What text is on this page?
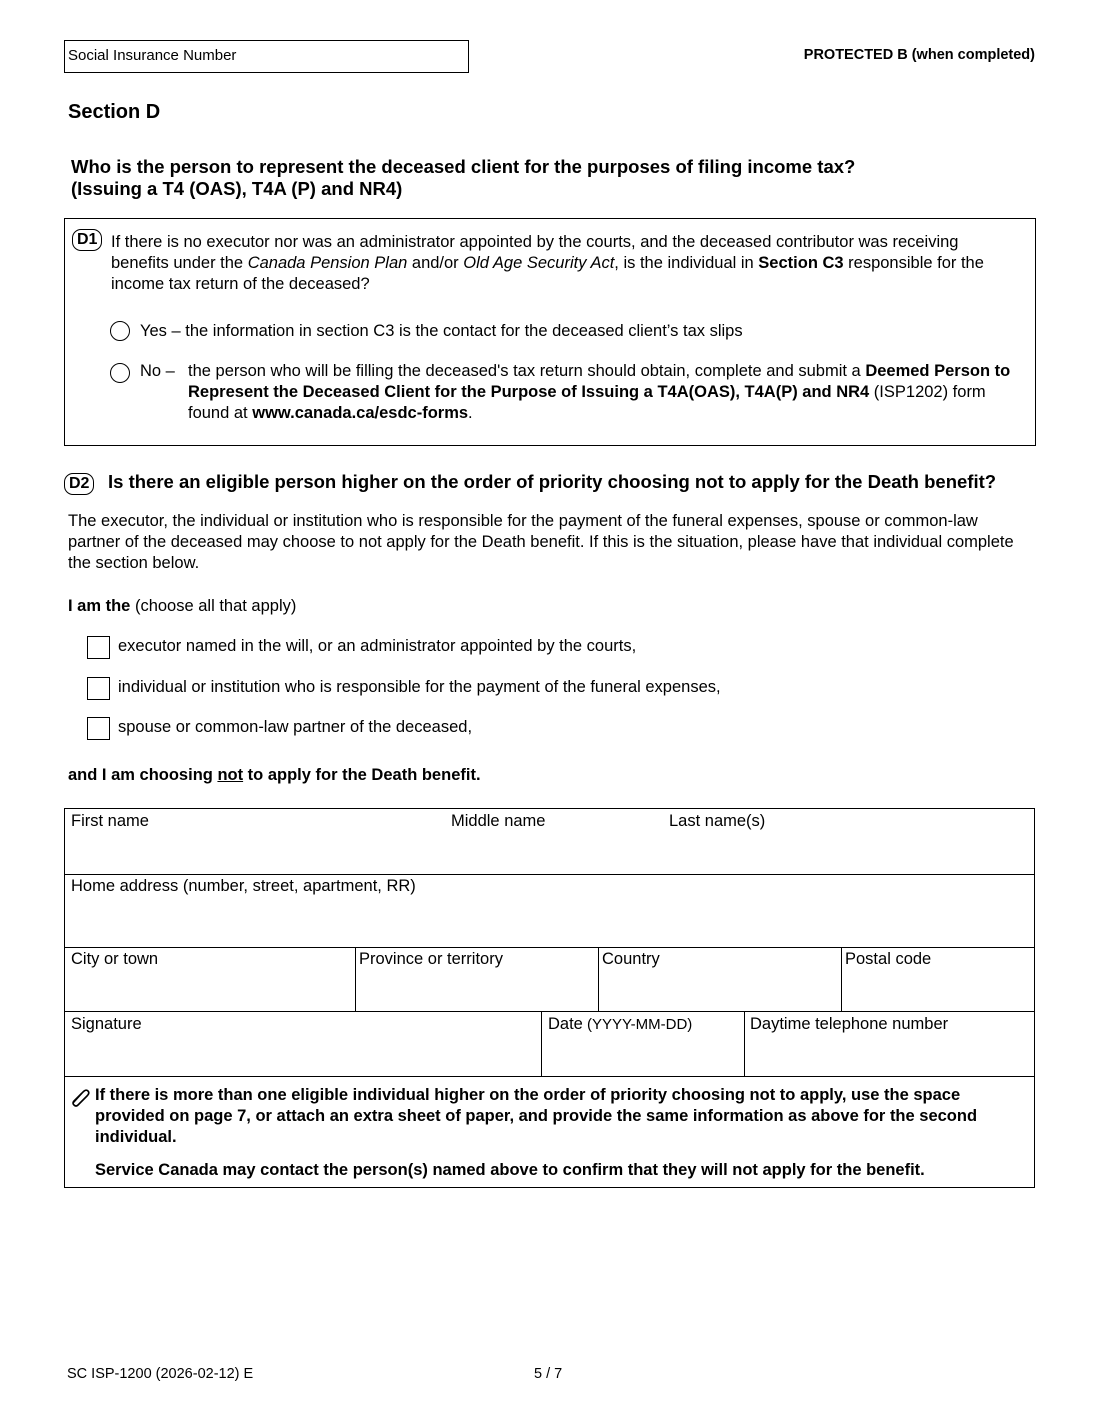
Social Insurance Number	PROTECTED B (when completed)
Section D
Who is the person to represent the deceased client for the purposes of filing income tax?
(Issuing a T4 (OAS), T4A (P) and NR4)
D1 If there is no executor nor was an administrator appointed by the courts, and the deceased contributor was receiving benefits under the Canada Pension Plan and/or Old Age Security Act, is the individual in Section C3 responsible for the income tax return of the deceased?
Yes – the information in section C3 is the contact for the deceased client’s tax slips
No – the person who will be filling the deceased's tax return should obtain, complete and submit a Deemed Person to Represent the Deceased Client for the Purpose of Issuing a T4A(OAS), T4A(P) and NR4 (ISP1202) form found at www.canada.ca/esdc-forms.
D2 Is there an eligible person higher on the order of priority choosing not to apply for the Death benefit?
The executor, the individual or institution who is responsible for the payment of the funeral expenses, spouse or common-law partner of the deceased may choose to not apply for the Death benefit. If this is the situation, please have that individual complete the section below.
I am the (choose all that apply)
executor named in the will, or an administrator appointed by the courts,
individual or institution who is responsible for the payment of the funeral expenses,
spouse or common-law partner of the deceased,
and I am choosing not to apply for the Death benefit.
First name	Middle name	Last name(s)
Home address (number, street, apartment, RR)
City or town	Province or territory	Country	Postal code
Signature	Date (YYYY-MM-DD)	Daytime telephone number
If there is more than one eligible individual higher on the order of priority choosing not to apply, use the space provided on page 7, or attach an extra sheet of paper, and provide the same information as above for the second individual.
Service Canada may contact the person(s) named above to confirm that they will not apply for the benefit.
SC ISP-1200 (2026-02-12) E	5 / 7
